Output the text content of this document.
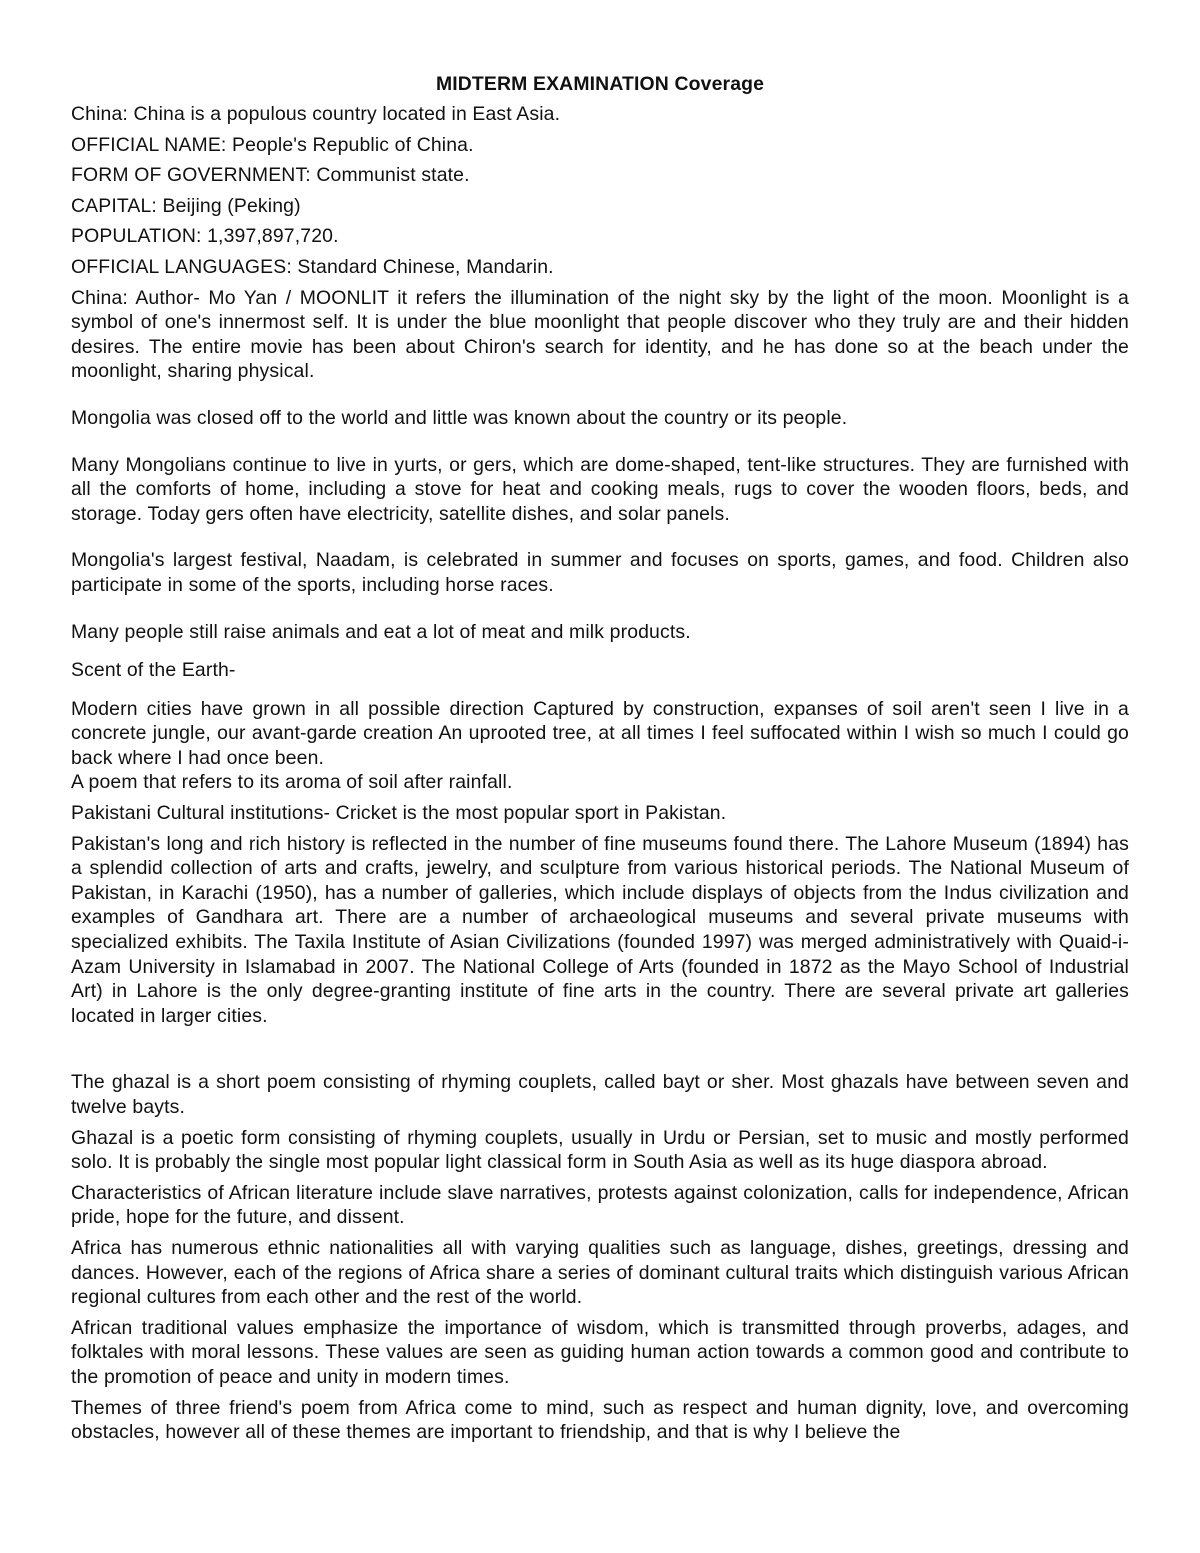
MIDTERM EXAMINATION Coverage

China: China is a populous country located in East Asia.

OFFICIAL NAME: People's Republic of China.

FORM OF GOVERNMENT: Communist state.

CAPITAL: Beijing (Peking)

POPULATION: 1,397,897,720.

OFFICIAL LANGUAGES: Standard Chinese, Mandarin.

China: Author- Mo Yan / MOONLIT it refers the illumination of the night sky by the light of the moon. Moonlight is a symbol of one's innermost self. It is under the blue moonlight that people discover who they truly are and their hidden desires. The entire movie has been about Chiron's search for identity, and he has done so at the beach under the moonlight, sharing physical.

Mongolia was closed off to the world and little was known about the country or its people.

Many Mongolians continue to live in yurts, or gers, which are dome-shaped, tent-like structures. They are furnished with all the comforts of home, including a stove for heat and cooking meals, rugs to cover the wooden floors, beds, and storage. Today gers often have electricity, satellite dishes, and solar panels.

Mongolia's largest festival, Naadam, is celebrated in summer and focuses on sports, games, and food. Children also participate in some of the sports, including horse races.

Many people still raise animals and eat a lot of meat and milk products.

Scent of the Earth-

Modern cities have grown in all possible direction Captured by construction, expanses of soil aren't seen I live in a concrete jungle, our avant-garde creation An uprooted tree, at all times I feel suffocated within I wish so much I could go back where I had once been.

A poem that refers to its aroma of soil after rainfall.

Pakistani Cultural institutions- Cricket is the most popular sport in Pakistan.

Pakistan's long and rich history is reflected in the number of fine museums found there. The Lahore Museum (1894) has a splendid collection of arts and crafts, jewelry, and sculpture from various historical periods. The National Museum of Pakistan, in Karachi (1950), has a number of galleries, which include displays of objects from the Indus civilization and examples of Gandhara art. There are a number of archaeological museums and several private museums with specialized exhibits. The Taxila Institute of Asian Civilizations (founded 1997) was merged administratively with Quaid-i-Azam University in Islamabad in 2007. The National College of Arts (founded in 1872 as the Mayo School of Industrial Art) in Lahore is the only degree-granting institute of fine arts in the country. There are several private art galleries located in larger cities.

The ghazal is a short poem consisting of rhyming couplets, called bayt or sher. Most ghazals have between seven and twelve bayts.

Ghazal is a poetic form consisting of rhyming couplets, usually in Urdu or Persian, set to music and mostly performed solo. It is probably the single most popular light classical form in South Asia as well as its huge diaspora abroad.

Characteristics of African literature include slave narratives, protests against colonization, calls for independence, African pride, hope for the future, and dissent.

Africa has numerous ethnic nationalities all with varying qualities such as language, dishes, greetings, dressing and dances. However, each of the regions of Africa share a series of dominant cultural traits which distinguish various African regional cultures from each other and the rest of the world.

African traditional values emphasize the importance of wisdom, which is transmitted through proverbs, adages, and folktales with moral lessons. These values are seen as guiding human action towards a common good and contribute to the promotion of peace and unity in modern times.

Themes of three friend's poem from Africa come to mind, such as respect and human dignity, love, and overcoming obstacles, however all of these themes are important to friendship, and that is why I believe the
